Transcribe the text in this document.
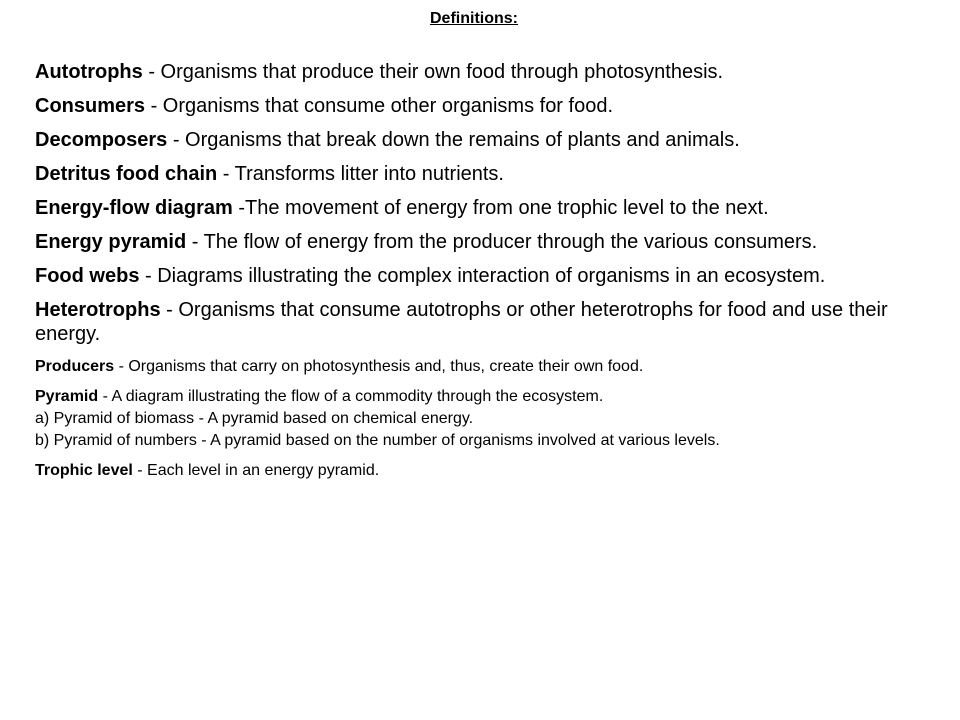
Definitions:

Autotrophs - Organisms that produce their own food through photosynthesis.

Consumers - Organisms that consume other organisms for food.

Decomposers - Organisms that break down the remains of plants and animals.

Detritus food chain - Transforms litter into nutrients.

Energy-flow diagram -The movement of energy from one trophic level to the next.

Energy pyramid - The flow of energy from the producer through the various consumers.

Food webs - Diagrams illustrating the complex interaction of organisms in an ecosystem.

Heterotrophs - Organisms that consume autotrophs or other heterotrophs for food and use their energy.

Producers - Organisms that carry on photosynthesis and, thus, create their own food.

Pyramid - A diagram illustrating the flow of a commodity through the ecosystem.
a) Pyramid of biomass - A pyramid based on chemical energy.
b) Pyramid of numbers - A pyramid based on the number of organisms involved at various levels.

Trophic level - Each level in an energy pyramid.
